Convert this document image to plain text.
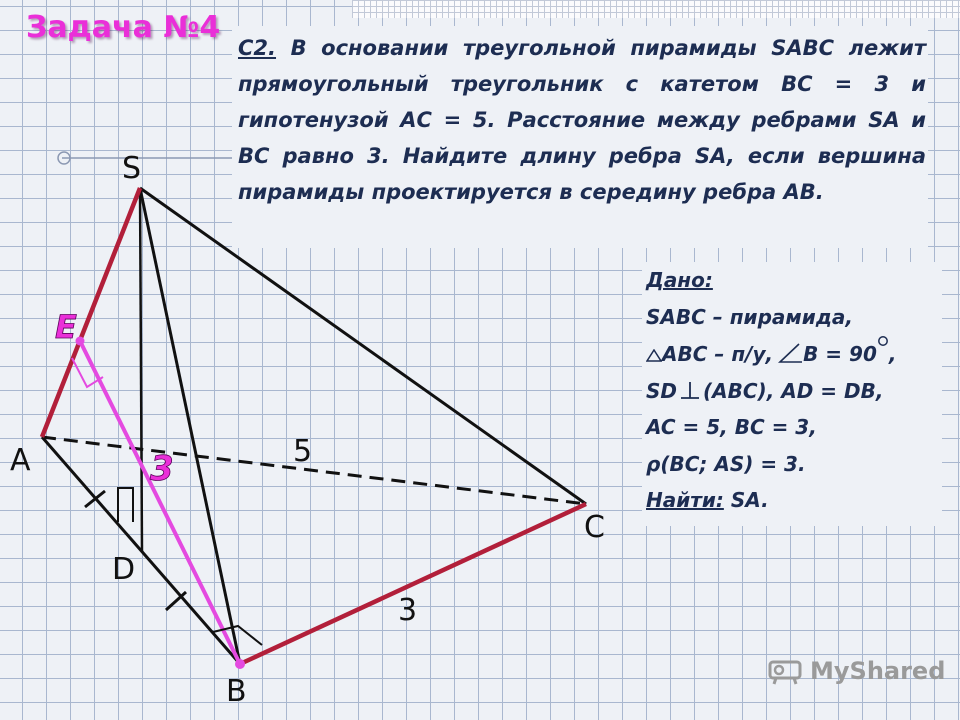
Задача №4
С2. В основании треугольной пирамиды SABC лежит прямоугольный треугольник с катетом ВС = 3 и гипотенузой АС = 5. Расстояние между ребрами SA и ВС равно 3. Найдите длину ребра SA, если вершина пирамиды проектируется в середину ребра АВ.
S
A
B
C
D
E
5
3
3
Дано:
SABC – пирамида,
ABC – п/у, B = 90 ,
SD (ABC), AD = DB,
AC = 5, BC = 3,
ρ(BC; AS) = 3.
Найти: SA.
MyShared
